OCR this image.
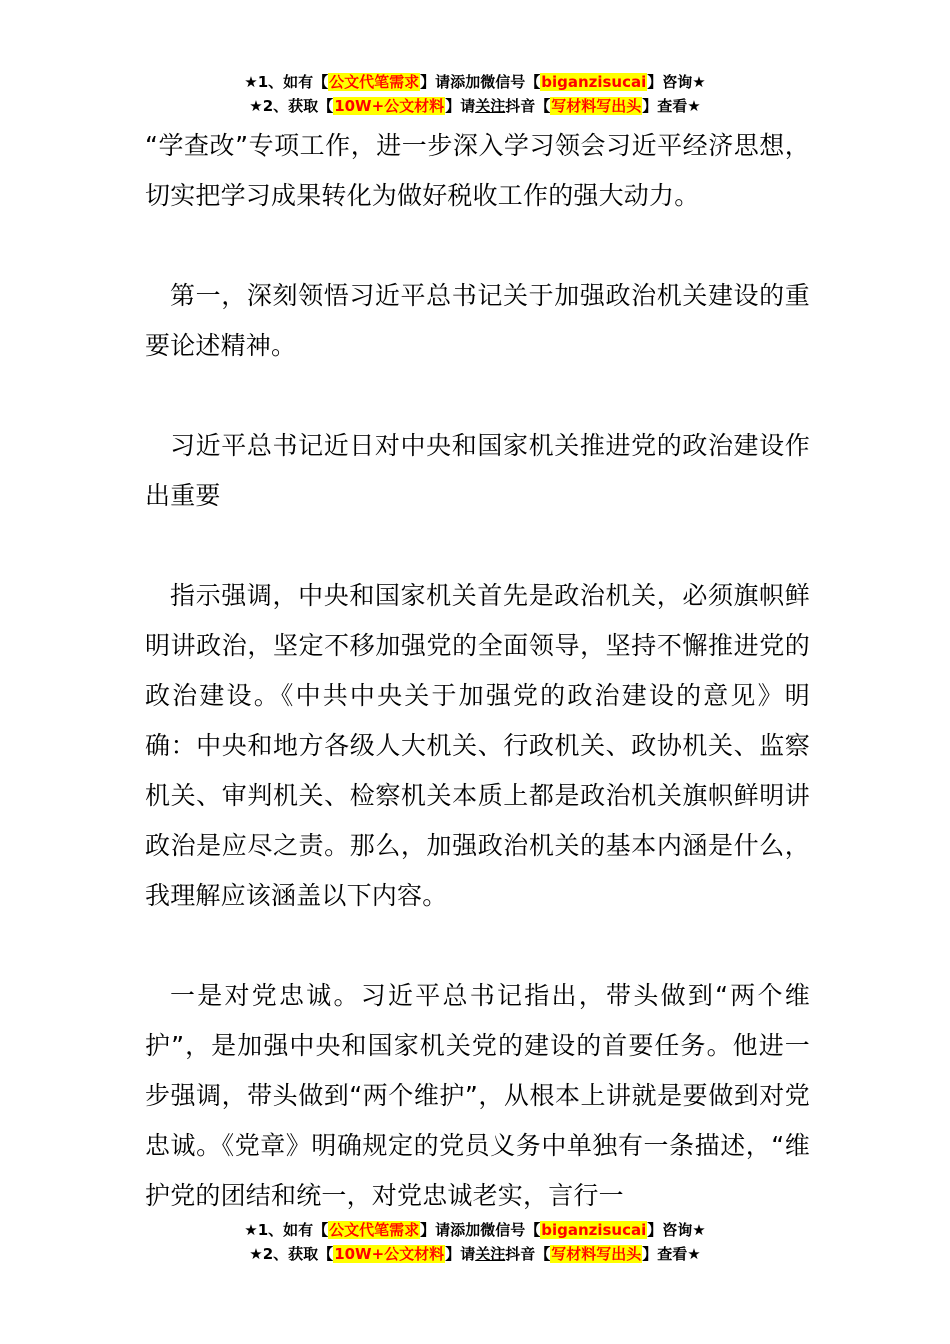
★1、如有【公文代笔需求】请添加微信号【biganzisucai】咨询★
★2、获取【10W+公文材料】请关注抖音【写材料写出头】查看★

“学查改”专项工作，进一步深入学习领会习近平经济思想，切实把学习成果转化为做好税收工作的强大动力。

第一，深刻领悟习近平总书记关于加强政治机关建设的重要论述精神。

习近平总书记近日对中央和国家机关推进党的政治建设作出重要

指示强调，中央和国家机关首先是政治机关，必须旗帜鲜明讲政治，坚定不移加强党的全面领导，坚持不懈推进党的政治建设。《中共中央关于加强党的政治建设的意见》明确：中央和地方各级人大机关、行政机关、政协机关、监察机关、审判机关、检察机关本质上都是政治机关旗帜鲜明讲政治是应尽之责。那么，加强政治机关的基本内涵是什么，我理解应该涵盖以下内容。

一是对党忠诚。习近平总书记指出，带头做到“两个维护”，是加强中央和国家机关党的建设的首要任务。他进一步强调，带头做到“两个维护”，从根本上讲就是要做到对党忠诚。《党章》明确规定的党员义务中单独有一条描述，“维护党的团结和统一，对党忠诚老实，言行一

★1、如有【公文代笔需求】请添加微信号【biganzisucai】咨询★
★2、获取【10W+公文材料】请关注抖音【写材料写出头】查看★
